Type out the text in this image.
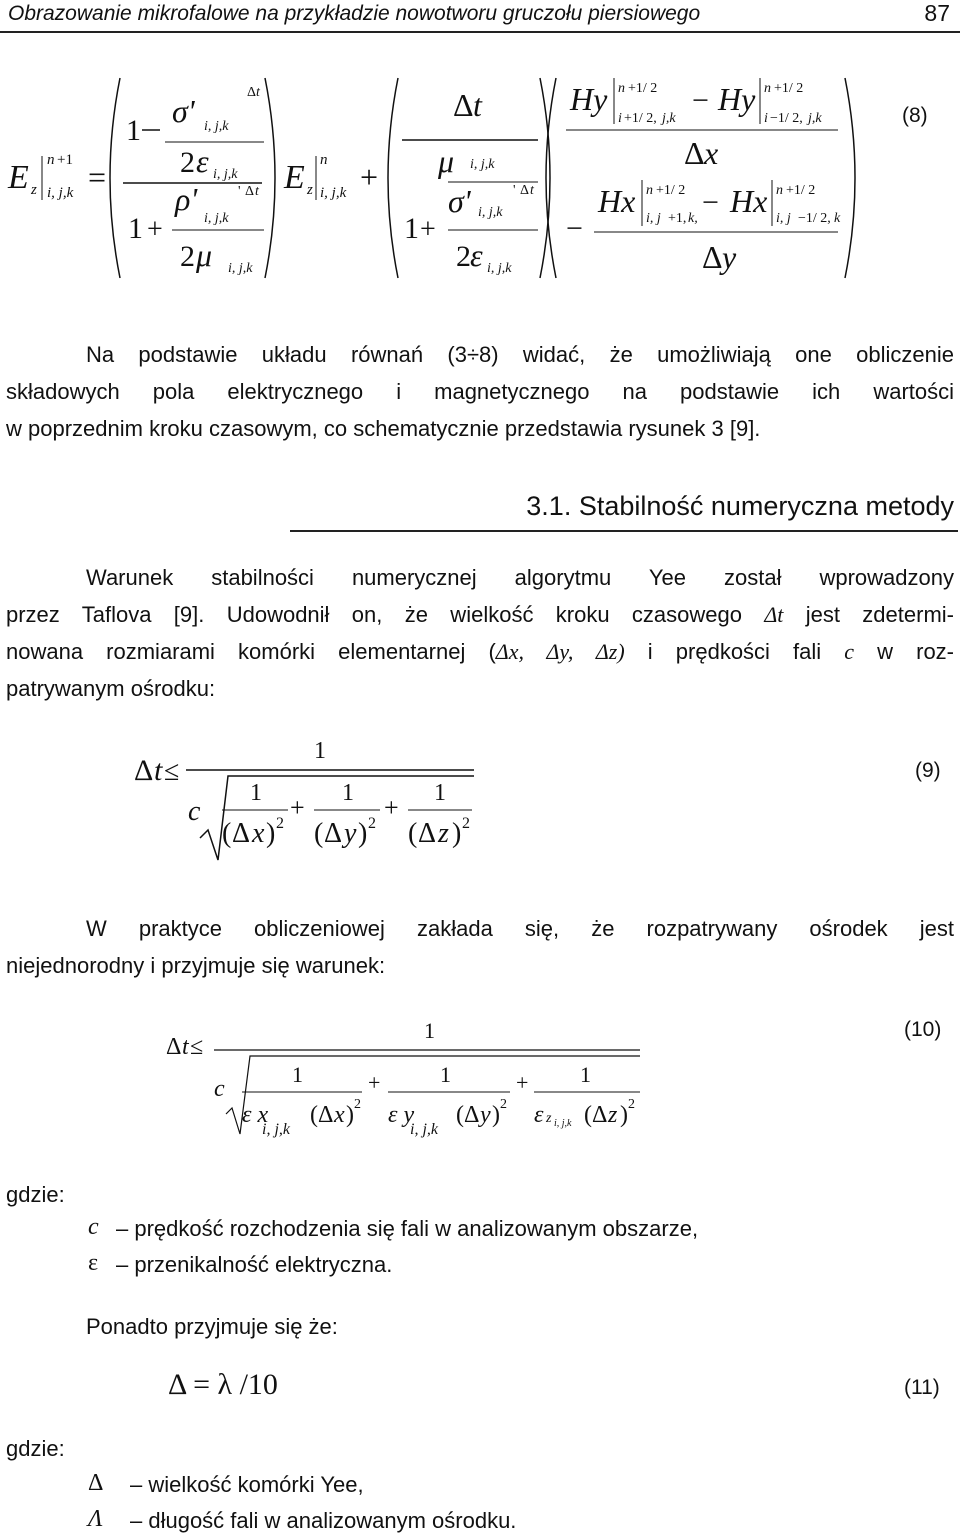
Obrazowanie mikrofalowe na przykładzie nowotworu gruczołu piersiowego	87
E z
n +1
i, j,k =
1
σ' i, j,k
Δ t
2 ε i, j,k
1 +
ρ'
i, j,k
' Δ t
2 μ i, j,k
E z
n
i, j,k +
Δ t
μ i, j,k
1 +
σ' i, j,k
' Δ t
2 ε i, j,k
Hy n +1/ 2
i +1/ 2, j,k
− Hy n +1/ 2
i −1/ 2, j,k
Δ x
−
Hx n +1/ 2
i, j +1, k, − Hx n +1/ 2
i, j −1/ 2, k
Δ y
(8)
Na podstawie układu równań (3÷8) widać, że umożliwiają one obliczenie
składowych pola elektrycznego i magnetycznego na podstawie ich wartości
w poprzednim kroku czasowym, co schematycznie przedstawia rysunek 3 [9].
3.1. Stabilność numeryczna metody
Warunek stabilności numerycznej algorytmu Yee został wprowadzony
przez Taflova [9]. Udowodnił on, że wielkość kroku czasowego Δt jest zdetermi-
nowana rozmiarami komórki elementarnej (Δx, Δy, Δz) i prędkości fali c w roz-
patrywanym ośrodku:
Δ t ≤
1
c
1
( Δ x ) 2
+ 1
( Δ y ) 2
+ 1
( Δ z ) 2
(9)
W praktyce obliczeniowej zakłada się, że rozpatrywany ośrodek jest
niejednorodny i przyjmuje się warunek:
Δ t ≤
1
c
1
ε x
i, j,k
( Δ x ) 2
+	1
ε y
i, j,k
( Δ y ) 2
+ 1
ε z i, j,k ( Δ z ) 2
(10)
gdzie:
c – prędkość rozchodzenia się fali w analizowanym obszarze,
ε – przenikalność elektryczna.
Ponadto przyjmuje się że:
Δ = λ /10	(11)
gdzie:
Δ – wielkość komórki Yee,
Λ – długość fali w analizowanym ośrodku.
